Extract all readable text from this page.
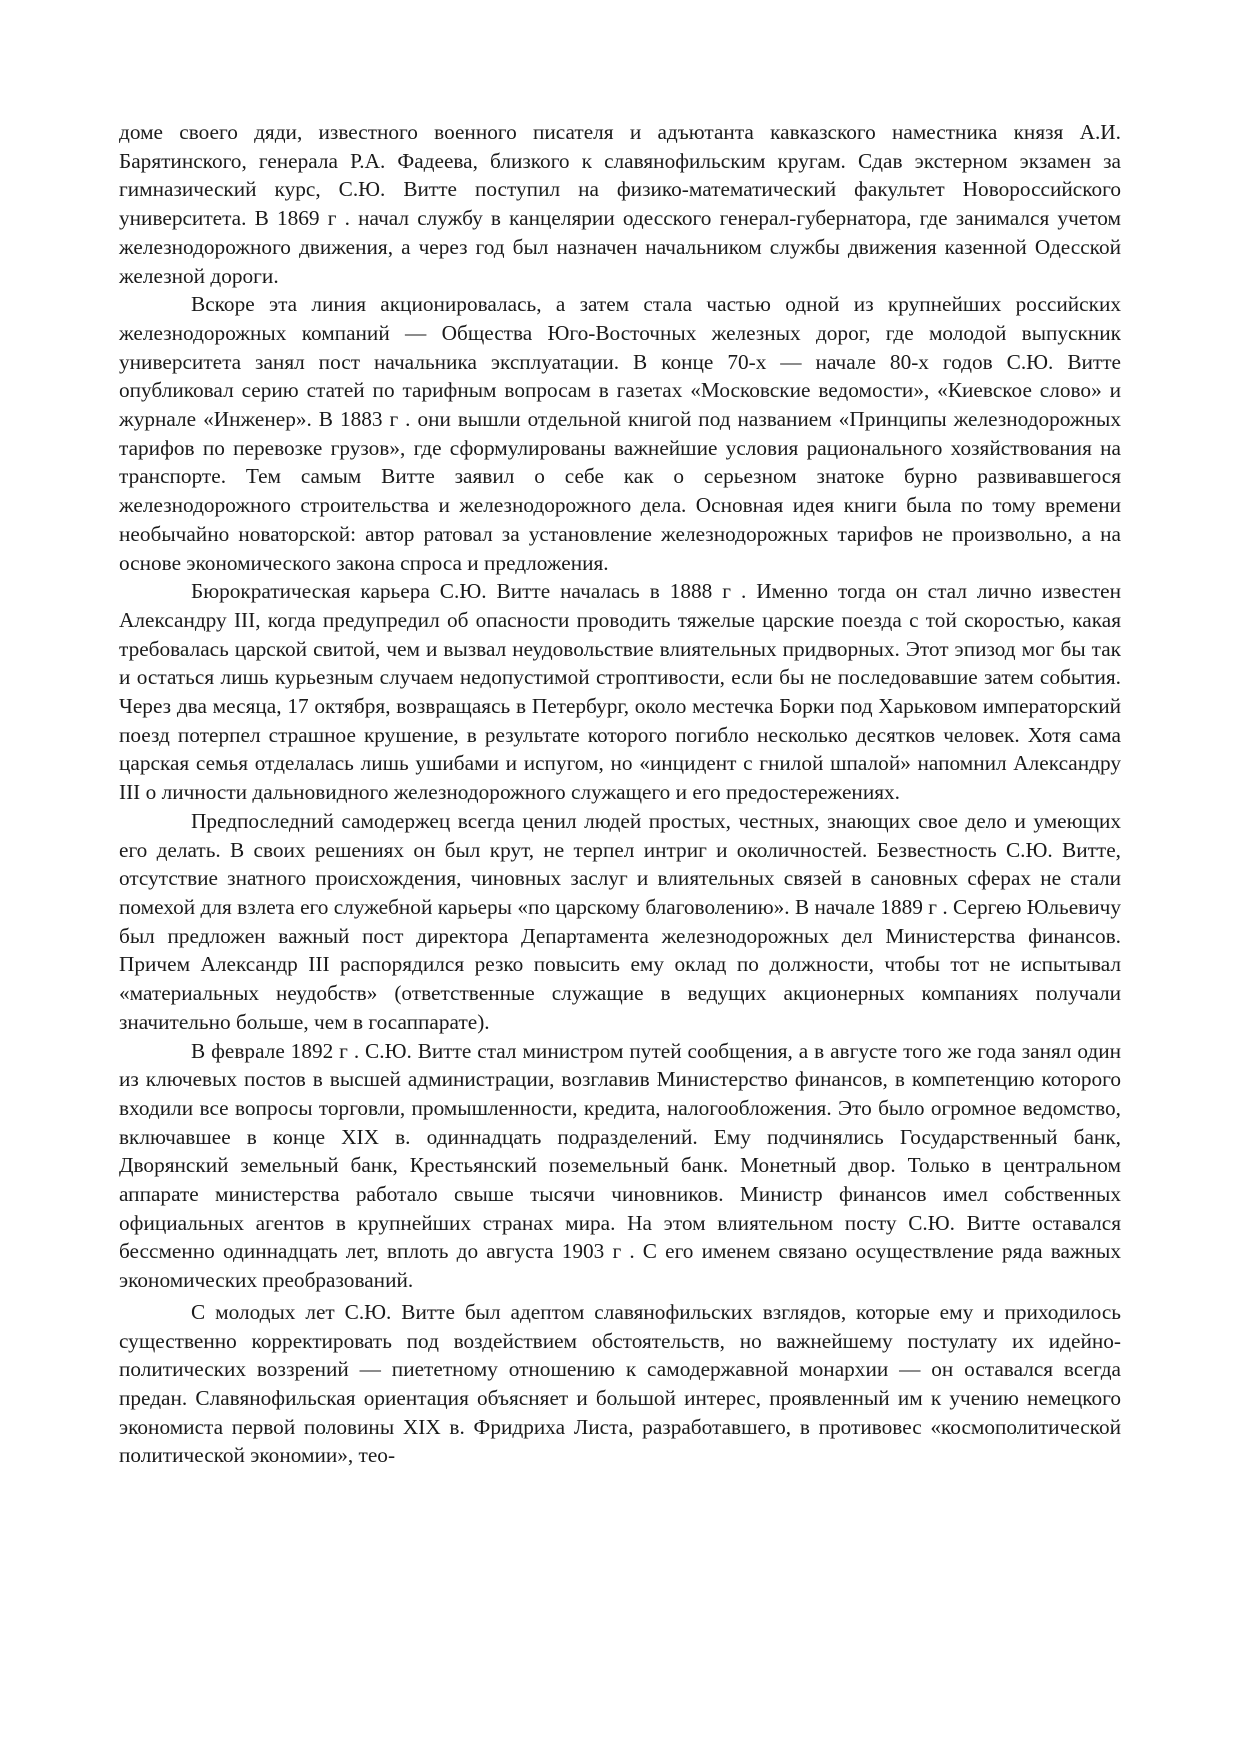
доме своего дяди, известного военного писателя и адъютанта кавказского наместника князя А.И. Барятинского, генерала Р.А. Фадеева, близкого к славянофильским кругам. Сдав экстерном экзамен за гимназический курс, С.Ю. Витте поступил на физико-математический факультет Новороссийского университета. В 1869 г . начал службу в канцелярии одесского генерал-губернатора, где занимался учетом железнодорожного движения, а через год был назначен начальником службы движения казенной Одесской железной дороги.

Вскоре эта линия акционировалась, а затем стала частью одной из крупнейших российских железнодорожных компаний — Общества Юго-Восточных железных дорог, где молодой выпускник университета занял пост начальника эксплуатации. В конце 70-х — начале 80-х годов С.Ю. Витте опубликовал серию статей по тарифным вопросам в газетах «Московские ведомости», «Киевское слово» и журнале «Инженер». В 1883 г . они вышли отдельной книгой под названием «Принципы железнодорожных тарифов по перевозке грузов», где сформулированы важнейшие условия рационального хозяйствования на транспорте. Тем самым Витте заявил о себе как о серьезном знатоке бурно развивавшегося железнодорожного строительства и железнодорожного дела. Основная идея книги была по тому времени необычайно новаторской: автор ратовал за установление железнодорожных тарифов не произвольно, а на основе экономического закона спроса и предложения.

Бюрократическая карьера С.Ю. Витте началась в 1888 г . Именно тогда он стал лично известен Александру III, когда предупредил об опасности проводить тяжелые царские поезда с той скоростью, какая требовалась царской свитой, чем и вызвал неудовольствие влиятельных придворных. Этот эпизод мог бы так и остаться лишь курьезным случаем недопустимой строптивости, если бы не последовавшие затем события. Через два месяца, 17 октября, возвращаясь в Петербург, около местечка Борки под Харьковом императорский поезд потерпел страшное крушение, в результате которого погибло несколько десятков человек. Хотя сама царская семья отделалась лишь ушибами и испугом, но «инцидент с гнилой шпалой» напомнил Александру III о личности дальновидного железнодорожного служащего и его предостережениях.

Предпоследний самодержец всегда ценил людей простых, честных, знающих свое дело и умеющих его делать. В своих решениях он был крут, не терпел интриг и околичностей. Безвестность С.Ю. Витте, отсутствие знатного происхождения, чиновных заслуг и влиятельных связей в сановных сферах не стали помехой для взлета его служебной карьеры «по царскому благоволению». В начале 1889 г . Сергею Юльевичу был предложен важный пост директора Департамента железнодорожных дел Министерства финансов. Причем Александр III распорядился резко повысить ему оклад по должности, чтобы тот не испытывал «материальных неудобств» (ответственные служащие в ведущих акционерных компаниях получали значительно больше, чем в госаппарате).

В феврале 1892 г . С.Ю. Витте стал министром путей сообщения, а в августе того же года занял один из ключевых постов в высшей администрации, возглавив Министерство финансов, в компетенцию которого входили все вопросы торговли, промышленности, кредита, налогообложения. Это было огромное ведомство, включавшее в конце XIX в. одиннадцать подразделений. Ему подчинялись Государственный банк, Дворянский земельный банк, Крестьянский поземельный банк. Монетный двор. Только в центральном аппарате министерства работало свыше тысячи чиновников. Министр финансов имел собственных официальных агентов в крупнейших странах мира. На этом влиятельном посту С.Ю. Витте оставался бессменно одиннадцать лет, вплоть до августа 1903 г . С его именем связано осуществление ряда важных экономических преобразований.

С молодых лет С.Ю. Витте был адептом славянофильских взглядов, которые ему и приходилось существенно корректировать под воздействием обстоятельств, но важнейшему постулату их идейно-политических воззрений — пиететному отношению к самодержавной монархии — он оставался всегда предан. Славянофильская ориентация объясняет и большой интерес, проявленный им к учению немецкого экономиста первой половины XIX в. Фридриха Листа, разработавшего, в противовес «космополитической политической экономии», тео-
